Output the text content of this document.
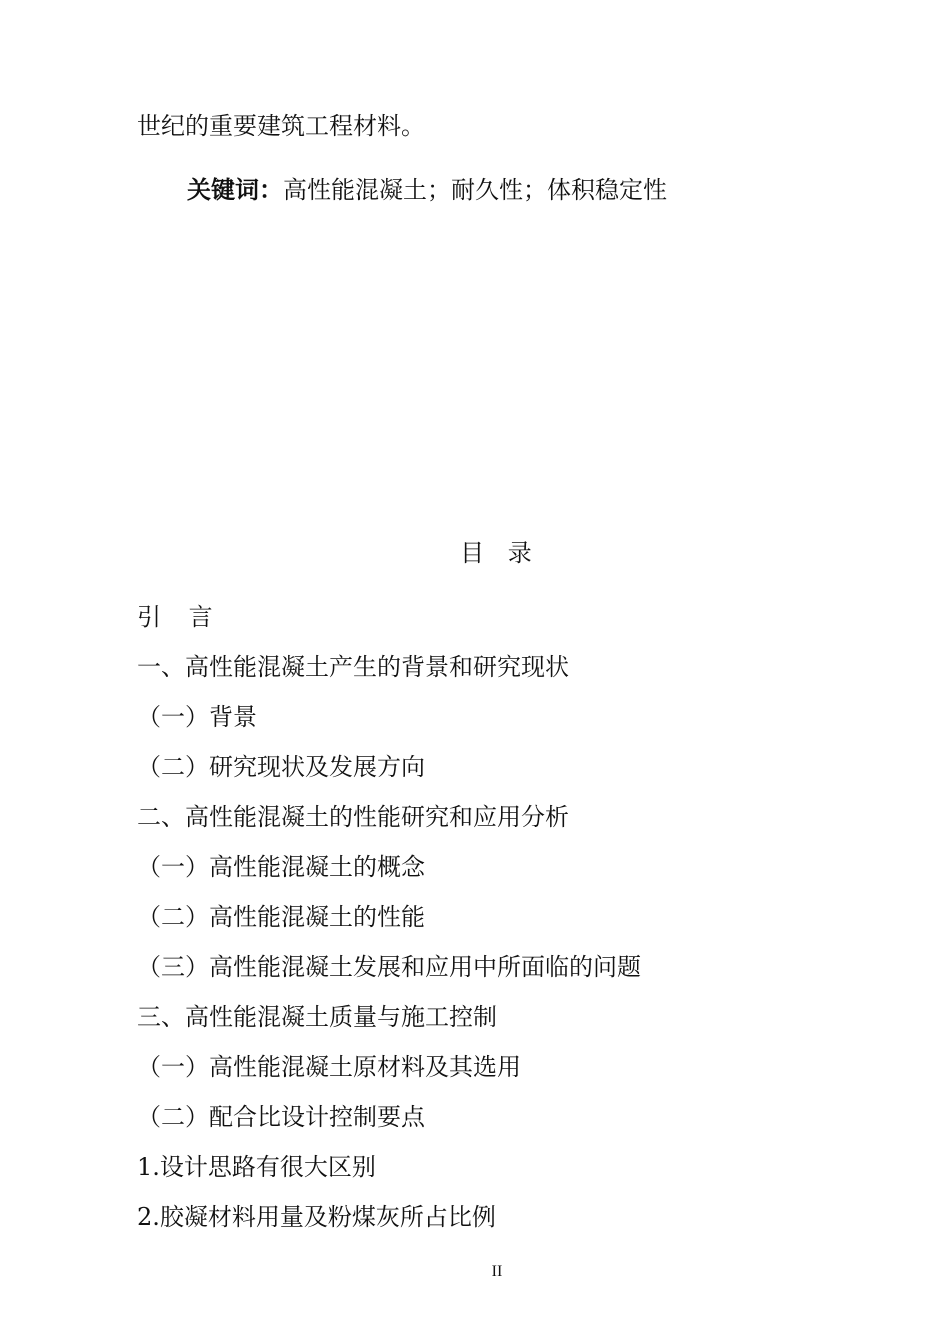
世纪的重要建筑工程材料。
关键词：高性能混凝土；耐久性；体积稳定性
目 录
引 言
一、高性能混凝土产生的背景和研究现状
（一）背景
（二）研究现状及发展方向
二、高性能混凝土的性能研究和应用分析
（一）高性能混凝土的概念
（二）高性能混凝土的性能
（三）高性能混凝土发展和应用中所面临的问题
三、高性能混凝土质量与施工控制
（一）高性能混凝土原材料及其选用
（二）配合比设计控制要点
1.设计思路有很大区别
2.胶凝材料用量及粉煤灰所占比例
II
